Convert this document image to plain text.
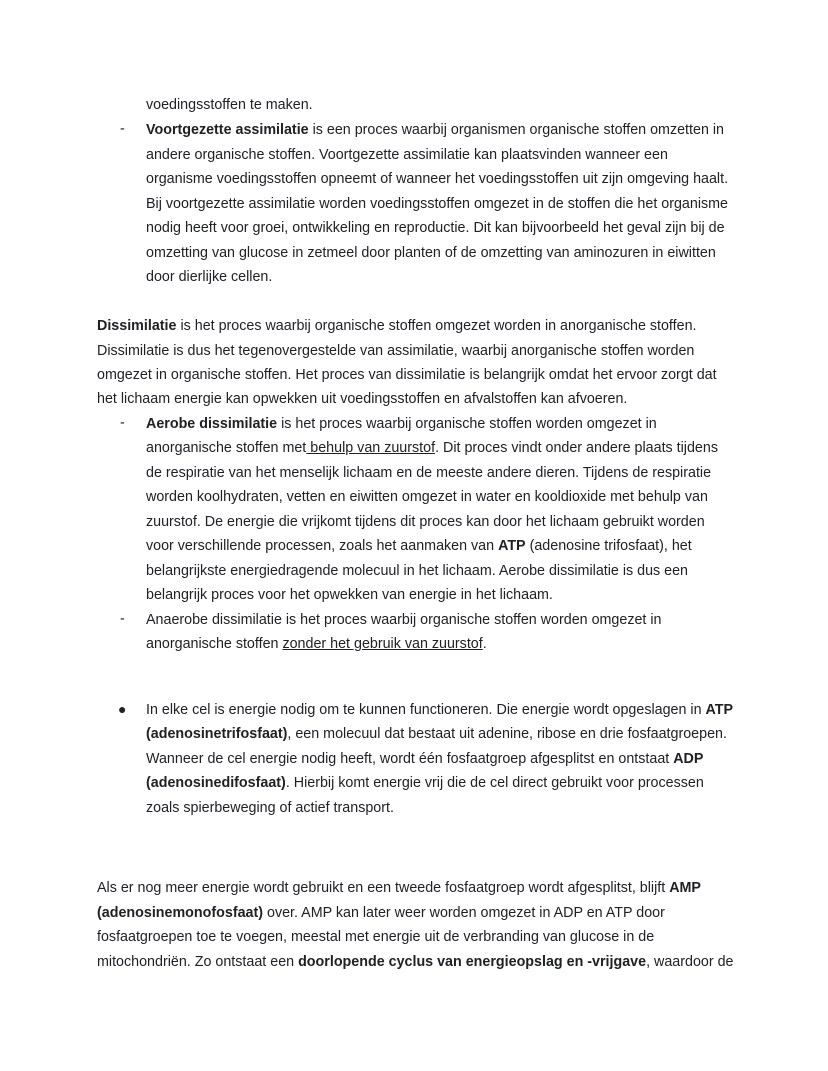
voedingsstoffen te maken.
- Voortgezette assimilatie is een proces waarbij organismen organische stoffen omzetten in
andere organische stoffen. Voortgezette assimilatie kan plaatsvinden wanneer een
organisme voedingsstoffen opneemt of wanneer het voedingsstoffen uit zijn omgeving haalt.
Bij voortgezette assimilatie worden voedingsstoffen omgezet in de stoffen die het organisme
nodig heeft voor groei, ontwikkeling en reproductie. Dit kan bijvoorbeeld het geval zijn bij de
omzetting van glucose in zetmeel door planten of de omzetting van aminozuren in eiwitten
door dierlijke cellen.
Dissimilatie is het proces waarbij organische stoffen omgezet worden in anorganische stoffen.
Dissimilatie is dus het tegenovergestelde van assimilatie, waarbij anorganische stoffen worden
omgezet in organische stoffen. Het proces van dissimilatie is belangrijk omdat het ervoor zorgt dat
het lichaam energie kan opwekken uit voedingsstoffen en afvalstoffen kan afvoeren.
- Aerobe dissimilatie is het proces waarbij organische stoffen worden omgezet in
anorganische stoffen met behulp van zuurstof. Dit proces vindt onder andere plaats tijdens
de respiratie van het menselijk lichaam en de meeste andere dieren. Tijdens de respiratie
worden koolhydraten, vetten en eiwitten omgezet in water en kooldioxide met behulp van
zuurstof. De energie die vrijkomt tijdens dit proces kan door het lichaam gebruikt worden
voor verschillende processen, zoals het aanmaken van ATP (adenosine trifosfaat), het
belangrijkste energiedragende molecuul in het lichaam. Aerobe dissimilatie is dus een
belangrijk proces voor het opwekken van energie in het lichaam.
- Anaerobe dissimilatie is het proces waarbij organische stoffen worden omgezet in
anorganische stoffen zonder het gebruik van zuurstof.
● In elke cel is energie nodig om te kunnen functioneren. Die energie wordt opgeslagen in ATP
(adenosinetrifosfaat), een molecuul dat bestaat uit adenine, ribose en drie fosfaatgroepen.
Wanneer de cel energie nodig heeft, wordt één fosfaatgroep afgesplitst en ontstaat ADP
(adenosinedifosfaat). Hierbij komt energie vrij die de cel direct gebruikt voor processen
zoals spierbeweging of actief transport.
Als er nog meer energie wordt gebruikt en een tweede fosfaatgroep wordt afgesplitst, blijft AMP
(adenosinemonofosfaat) over. AMP kan later weer worden omgezet in ADP en ATP door
fosfaatgroepen toe te voegen, meestal met energie uit de verbranding van glucose in de
mitochondriën. Zo ontstaat een doorlopende cyclus van energieopslag en -vrijgave, waardoor de
